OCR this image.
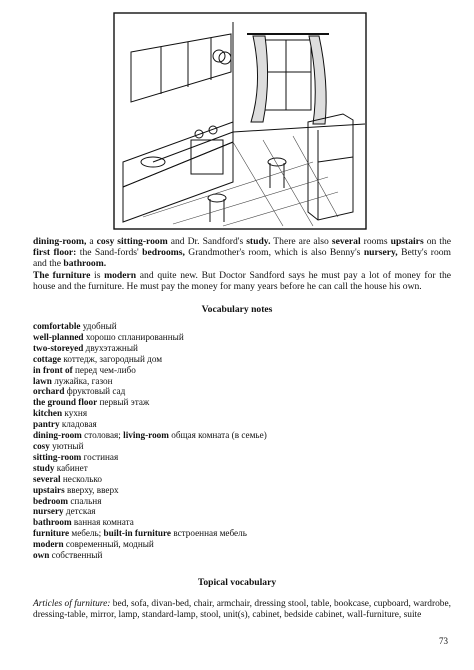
dining-room, a cosy sitting-room and Dr. Sandford's study. There are also several rooms upstairs on the first floor: the Sand-fords' bedrooms, Grandmother's room, which is also Benny's nursery, Betty's room and the bathroom.
The furniture is modern and quite new. But Doctor Sandford says he must pay a lot of money for the house and the furniture. He must pay the money for many years before he can call the house his own.
Vocabulary notes
comfortable удобный
well-planned хорошо спланированный
two-storeyed двухэтажный
cottage коттедж, загородный дом
in front of перед чем-либо
lawn лужайка, газон
orchard фруктовый сад
the ground floor первый этаж
kitchen кухня
pantry кладовая
dining-room столовая; living-room общая комната (в семье)
cosy уютный
sitting-room гостиная
study кабинет
several несколько
upstairs вверху, вверх
bedroom спальня
nursery детская
bathroom ванная комната
furniture мебель; built-in furniture встроенная мебель
modern современный, модный
own собственный
Topical vocabulary
Articles of furniture: bed, sofa, divan-bed, chair, armchair, dressing stool, table, bookcase, cupboard, wardrobe, dressing-table, mirror, lamp, standard-lamp, stool, unit(s), cabinet, bedside cabinet, wall-furniture, suite
73
